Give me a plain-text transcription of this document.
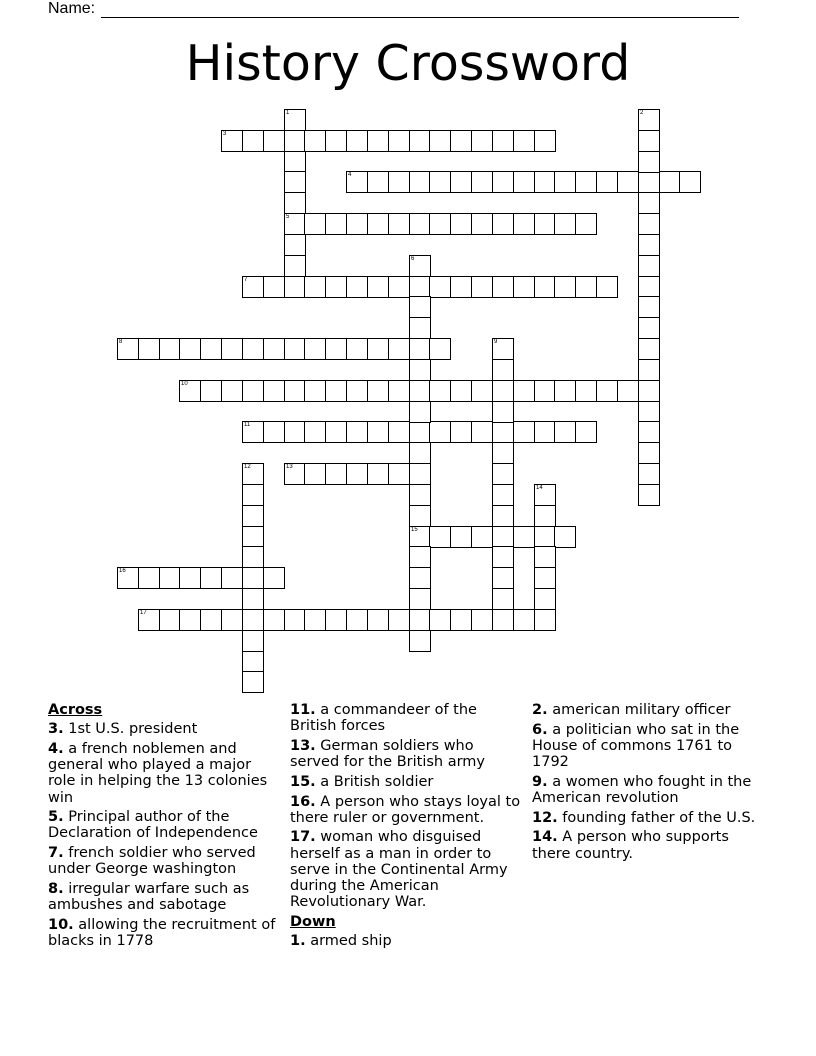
Name:
History Crossword
3
4
5
7
8
10
11
13
15
16
17
1	2
6
9
12
14
Across
3. 1st U.S. president
4. a french noblemen and general who played a major role in helping the 13 colonies win
5. Principal author of the Declaration of Independence
7. french soldier who served under George washington
8. irregular warfare such as ambushes and sabotage
10. allowing the recruitment of blacks in 1778
11. a commandeer of the British forces
13. German soldiers who served for the British army
15. a British soldier
16. A person who stays loyal to there ruler or government.
17. woman who disguised herself as a man in order to serve in the Continental Army during the American Revolutionary War.
Down
1. armed ship
2. american military officer
6. a politician who sat in the House of commons 1761 to 1792
9. a women who fought in the American revolution
12. founding father of the U.S.
14. A person who supports there country.
